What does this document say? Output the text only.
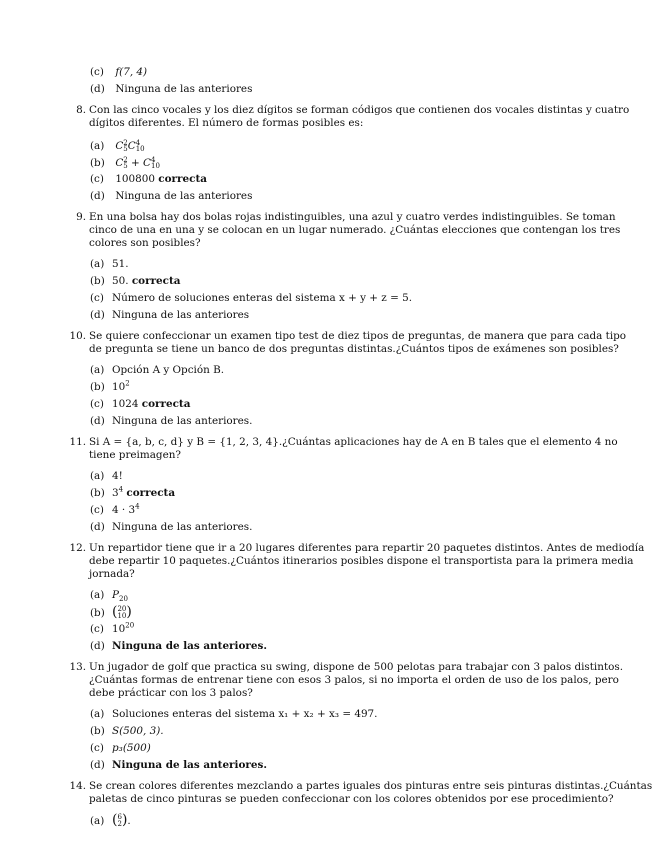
(c) f(7, 4)
(d) Ninguna de las anteriores
8. Con las cinco vocales y los diez dígitos se forman códigos que contienen dos vocales distintas y cuatro
dígitos diferentes. El número de formas posibles es:
(a) C 2
5 C 4
10
(b) C 2
5 + C 4
10
(c) 100800 correcta
(d) Ninguna de las anteriores
9. En una bolsa hay dos bolas rojas indistinguibles, una azul y cuatro verdes indistinguibles. Se toman
cinco de una en una y se colocan en un lugar numerado. ¿Cuántas elecciones que contengan los tres
colores son posibles?
(a) 51.
(b) 50. correcta
(c) Número de soluciones enteras del sistema x + y + z = 5.
(d) Ninguna de las anteriores
10. Se quiere confeccionar un examen tipo test de diez tipos de preguntas, de manera que para cada tipo
de pregunta se tiene un banco de dos preguntas distintas.¿Cuántos tipos de exámenes son posibles?
(a) Opción A y Opción B.
(b) $10^2$
(c) 1024 correcta
(d) Ninguna de las anteriores.
11. Si A = {a, b, c, d} y B = {1, 2, 3, 4}.¿Cuántas aplicaciones hay de A en B tales que el elemento 4 no
tiene preimagen?
(a) 4!
(b) $3^4$ correcta
(c) $4 \cdot 3^4$
(d) Ninguna de las anteriores.
12. Un repartidor tiene que ir a 20 lugares diferentes para repartir 20 paquetes distintos. Antes de mediodía
debe repartir 10 paquetes.¿Cuántos itinerarios posibles dispone el transportista para la primera media
jornada?
(a) $P_{20}$
(b) ( 20
10 )
(c) $10^{20}$
(d) Ninguna de las anteriores.
13. Un jugador de golf que practica su swing, dispone de 500 pelotas para trabajar con 3 palos distintos.
¿Cuántas formas de entrenar tiene con esos 3 palos, si no importa el orden de uso de los palos, pero
debe prácticar con los 3 palos?
(a) Soluciones enteras del sistema x₁ + x₂ + x₃ = 497.
(b) S(500, 3).
(c) p₃(500)
(d) Ninguna de las anteriores.
14. Se crean colores diferentes mezclando a partes iguales dos pinturas entre seis pinturas distintas.¿Cuántas
paletas de cinco pinturas se pueden confeccionar con los colores obtenidos por ese procedimiento?
(a) ( 6
2 ).
